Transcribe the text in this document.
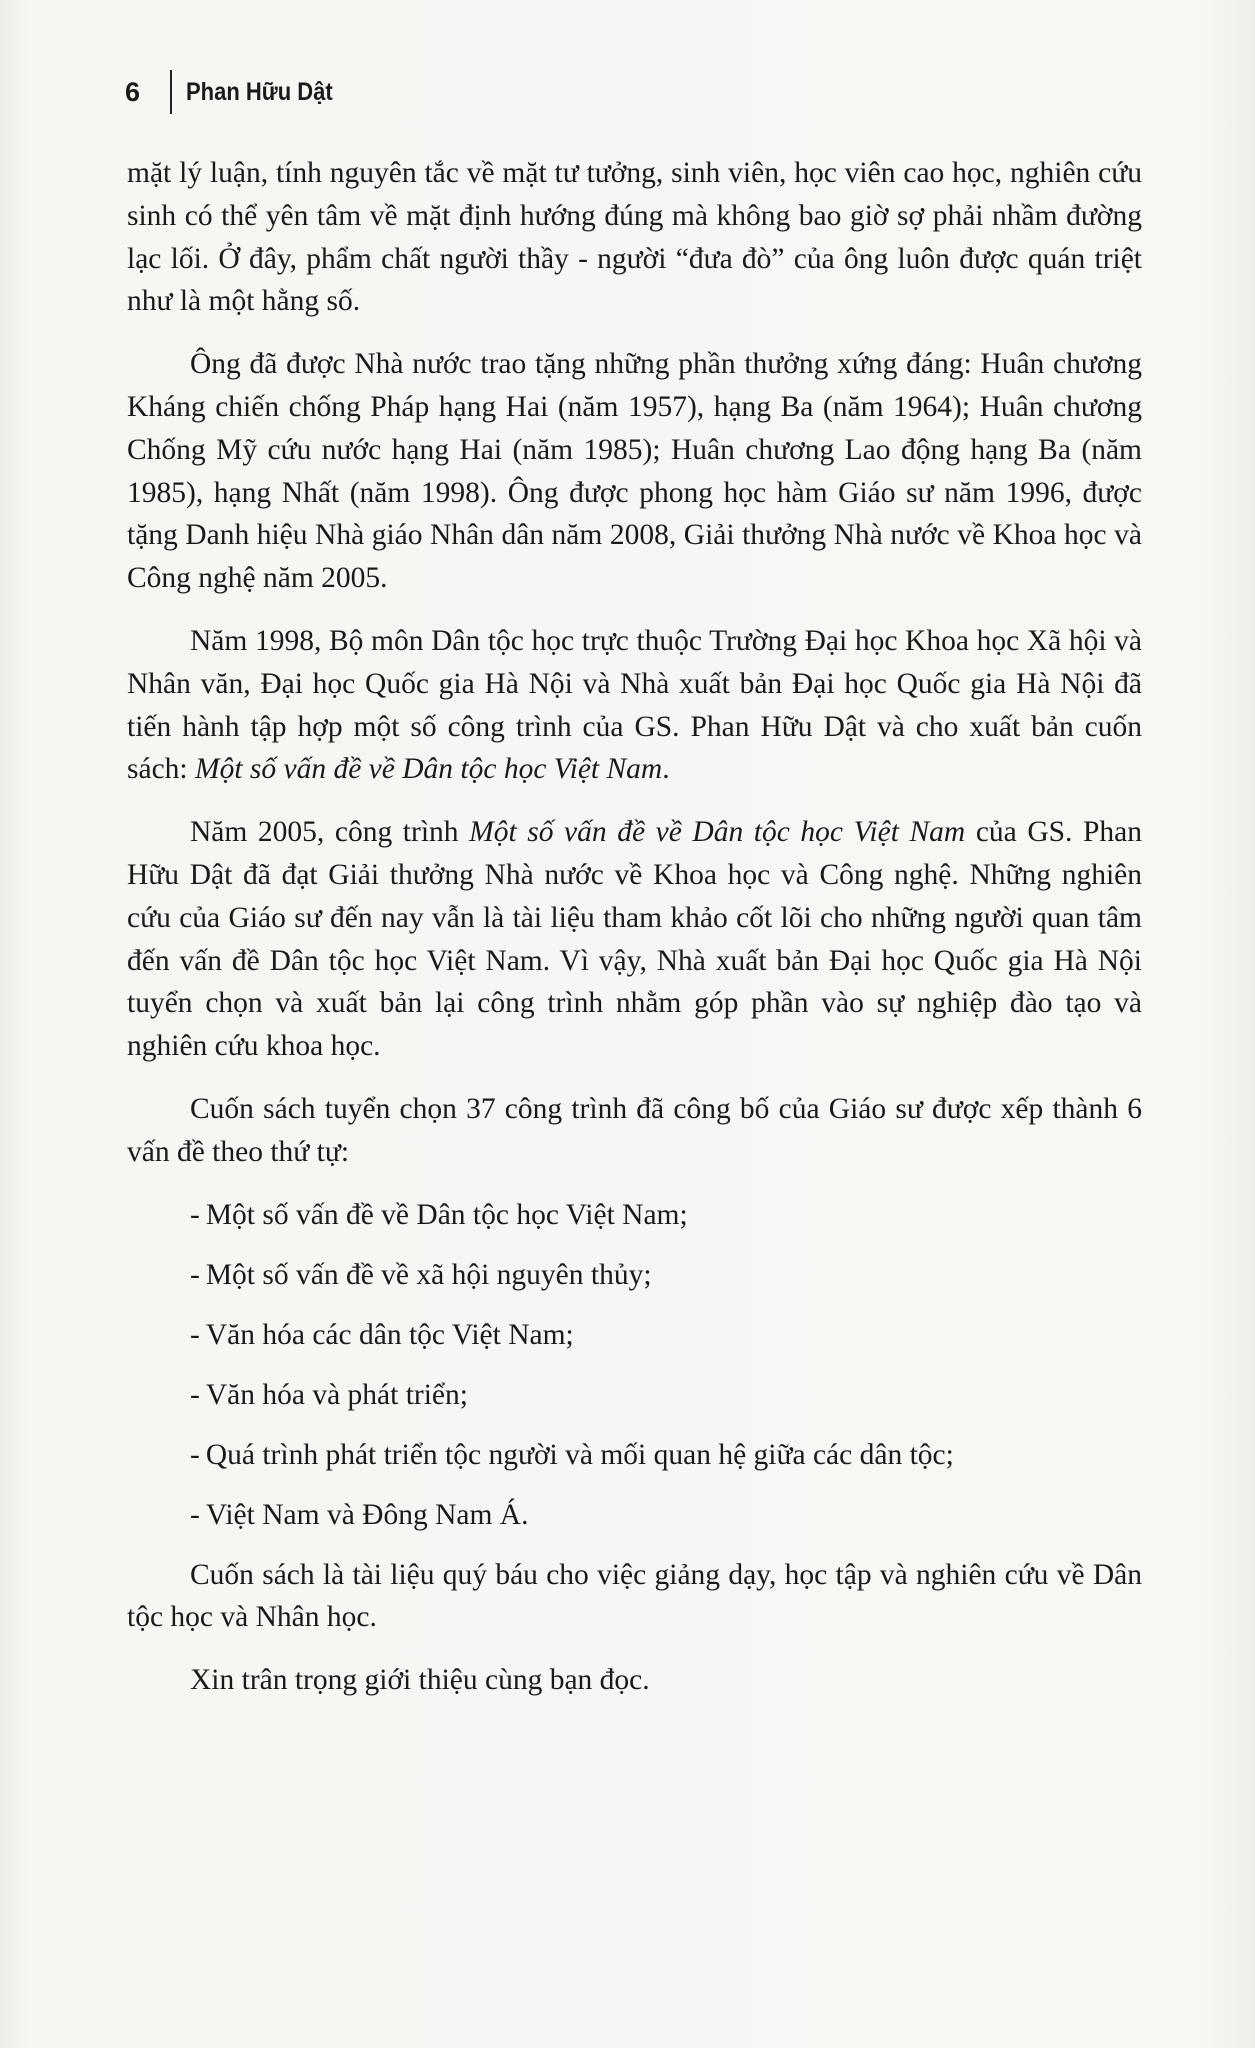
6 Phan Hữu Dật

mặt lý luận, tính nguyên tắc về mặt tư tưởng, sinh viên, học viên cao học, nghiên cứu sinh có thể yên tâm về mặt định hướng đúng mà không bao giờ sợ phải nhầm đường lạc lối. Ở đây, phẩm chất người thầy - người “đưa đò” của ông luôn được quán triệt như là một hằng số.

Ông đã được Nhà nước trao tặng những phần thưởng xứng đáng: Huân chương Kháng chiến chống Pháp hạng Hai (năm 1957), hạng Ba (năm 1964); Huân chương Chống Mỹ cứu nước hạng Hai (năm 1985); Huân chương Lao động hạng Ba (năm 1985), hạng Nhất (năm 1998). Ông được phong học hàm Giáo sư năm 1996, được tặng Danh hiệu Nhà giáo Nhân dân năm 2008, Giải thưởng Nhà nước về Khoa học và Công nghệ năm 2005.

Năm 1998, Bộ môn Dân tộc học trực thuộc Trường Đại học Khoa học Xã hội và Nhân văn, Đại học Quốc gia Hà Nội và Nhà xuất bản Đại học Quốc gia Hà Nội đã tiến hành tập hợp một số công trình của GS. Phan Hữu Dật và cho xuất bản cuốn sách: Một số vấn đề về Dân tộc học Việt Nam.

Năm 2005, công trình Một số vấn đề về Dân tộc học Việt Nam của GS. Phan Hữu Dật đã đạt Giải thưởng Nhà nước về Khoa học và Công nghệ. Những nghiên cứu của Giáo sư đến nay vẫn là tài liệu tham khảo cốt lõi cho những người quan tâm đến vấn đề Dân tộc học Việt Nam. Vì vậy, Nhà xuất bản Đại học Quốc gia Hà Nội tuyển chọn và xuất bản lại công trình nhằm góp phần vào sự nghiệp đào tạo và nghiên cứu khoa học.

Cuốn sách tuyển chọn 37 công trình đã công bố của Giáo sư được xếp thành 6 vấn đề theo thứ tự:

- Một số vấn đề về Dân tộc học Việt Nam;
- Một số vấn đề về xã hội nguyên thủy;
- Văn hóa các dân tộc Việt Nam;
- Văn hóa và phát triển;
- Quá trình phát triển tộc người và mối quan hệ giữa các dân tộc;
- Việt Nam và Đông Nam Á.

Cuốn sách là tài liệu quý báu cho việc giảng dạy, học tập và nghiên cứu về Dân tộc học và Nhân học.

Xin trân trọng giới thiệu cùng bạn đọc.
